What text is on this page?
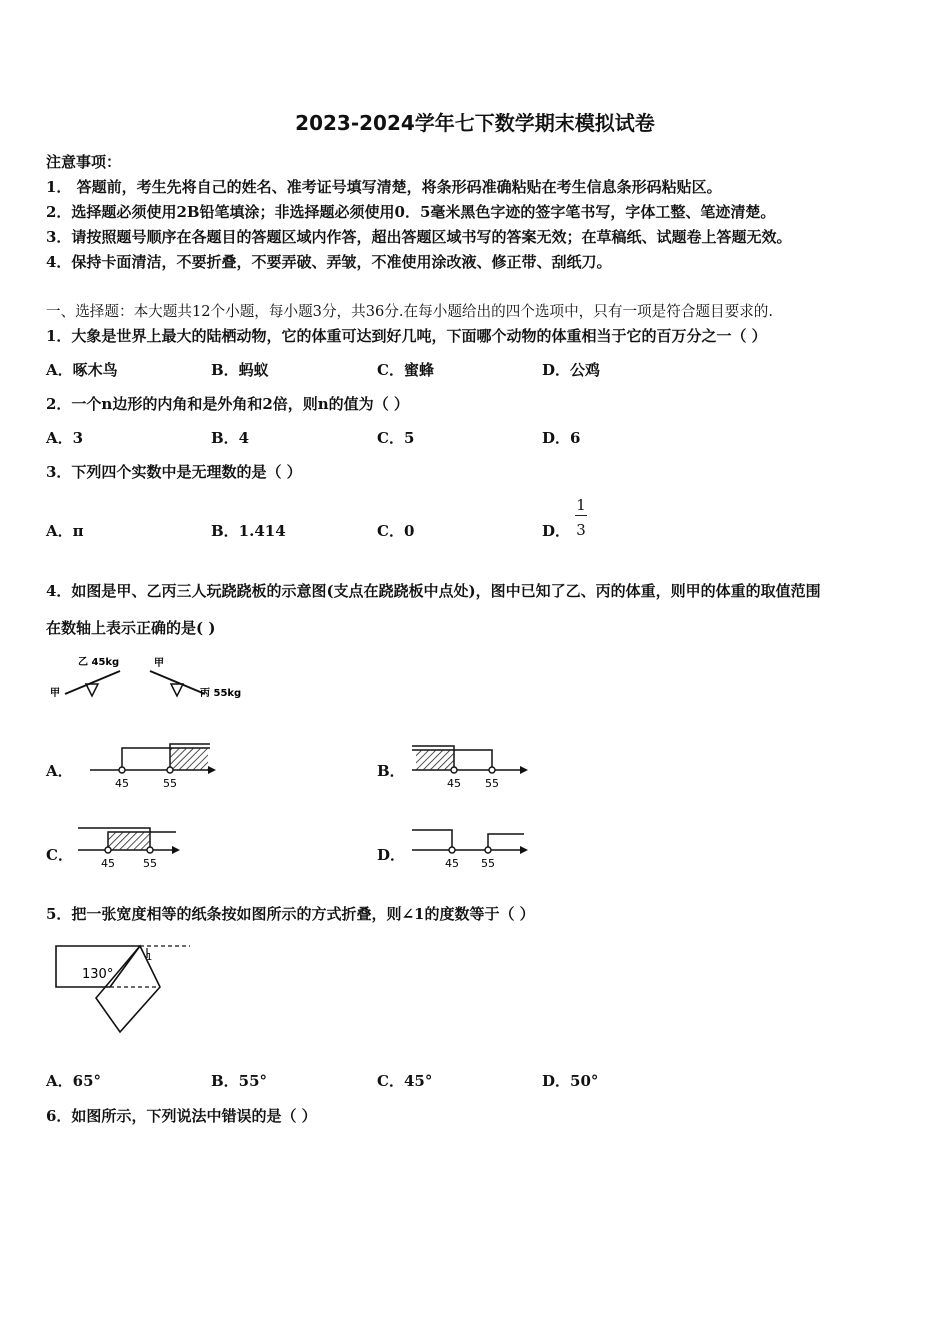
2023-2024学年七下数学期末模拟试卷
注意事项：
1． 答题前，考生先将自己的姓名、准考证号填写清楚，将条形码准确粘贴在考生信息条形码粘贴区。
2．选择题必须使用2B铅笔填涂；非选择题必须使用0．5毫米黑色字迹的签字笔书写，字体工整、笔迹清楚。
3．请按照题号顺序在各题目的答题区域内作答，超出答题区域书写的答案无效；在草稿纸、试题卷上答题无效。
4．保持卡面清洁，不要折叠，不要弄破、弄皱，不准使用涂改液、修正带、刮纸刀。
一、选择题：本大题共12个小题，每小题3分，共36分.在每小题给出的四个选项中，只有一项是符合题目要求的.
1．大象是世界上最大的陆栖动物，它的体重可达到好几吨，下面哪个动物的体重相当于它的百万分之一（ ）
A．啄木鸟	B．蚂蚁	C．蜜蜂	D．公鸡
2．一个n边形的内角和是外角和2倍，则n的值为（ ）
A．3	B．4	C．5	D．6
3．下列四个实数中是无理数的是（ ）
A．π	B．1.414	C．0	D．
1
3
4．如图是甲、乙丙三人玩跷跷板的示意图(支点在跷跷板中点处)，图中已知了乙、丙的体重，则甲的体重的取值范围
在数轴上表示正确的是( )
乙 45kg
甲
甲
丙 55kg
A．
45	55
B．
45 55
C．	45	55	D．	45 55
5．把一张宽度相等的纸条按如图所示的方式折叠，则∠1的度数等于（ ）
130°
1
A．65°	B．55°	C．45°	D．50°
6．如图所示，下列说法中错误的是（ ）
